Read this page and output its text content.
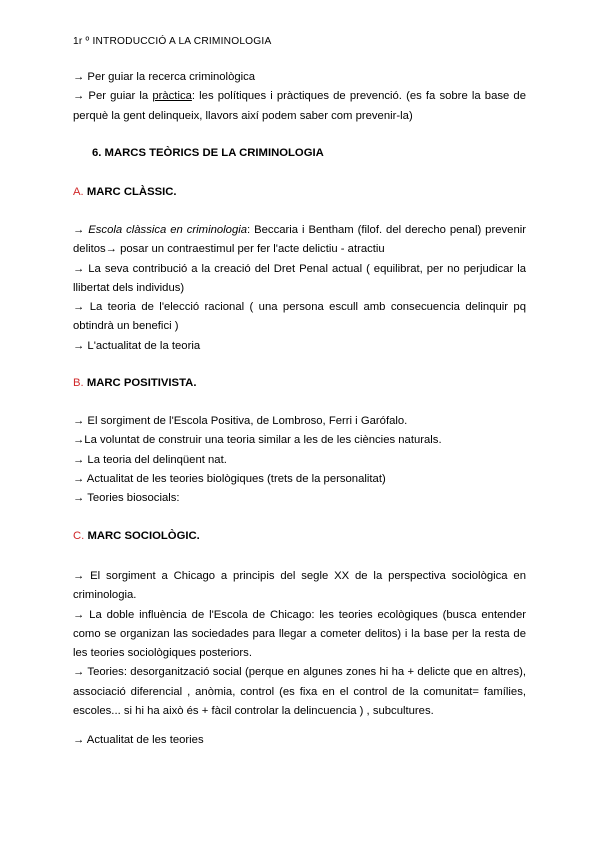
1r º INTRODUCCIÓ A LA CRIMINOLOGIA

→ Per guiar la recerca criminològica

→ Per guiar la pràctica: les polítiques i pràctiques de prevenció. (es fa sobre la base de perquè la gent delinqueix, llavors així podem saber com prevenir-la)

6. MARCS TEÒRICS DE LA CRIMINOLOGIA
A. MARC CLÀSSIC.

→ Escola clàssica en criminologia: Beccaria i Bentham (filof. del derecho penal) prevenir delitos→ posar un contraestimul per fer l'acte delictiu - atractiu

→ La seva contribució a la creació del Dret Penal actual ( equilibrat, per no perjudicar la llibertat dels individus)

→ La teoria de l'elecció racional ( una persona escull amb consecuencia delinquir pq obtindrà un benefici )

→ L'actualitat de la teoria

B. MARC POSITIVISTA.

→ El sorgiment de l'Escola Positiva, de Lombroso, Ferri i Garófalo.

→La voluntat de construir una teoria similar a les de les ciències naturals.

→ La teoria del delinqüent nat.

→ Actualitat de les teories biològiques (trets de la personalitat)

→ Teories biosocials:

C. MARC SOCIOLÒGIC.

→ El sorgiment a Chicago a principis del segle XX de la perspectiva sociològica en criminologia.

→ La doble influència de l'Escola de Chicago: les teories ecològiques (busca entender como se organizan las sociedades para llegar a cometer delitos) i la base per la resta de les teories sociològiques posteriors.

→ Teories: desorganització social (perque en algunes zones hi ha + delicte que en altres), associació diferencial , anòmia, control (es fixa en el control de la comunitat= famílies, escoles... si hi ha això és + fàcil controlar la delincuencia ) , subcultures.

→ Actualitat de les teories
